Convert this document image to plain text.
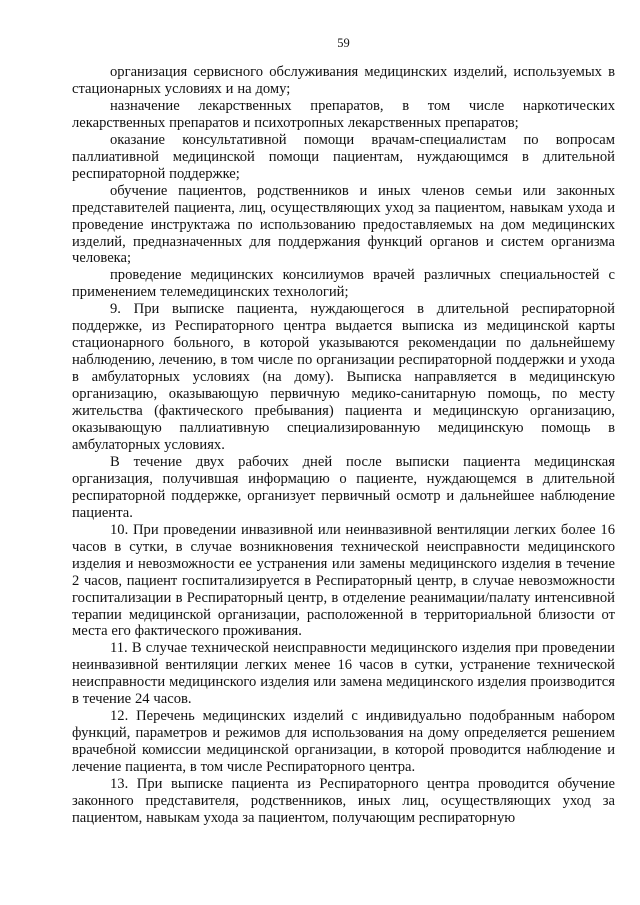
59

организация сервисного обслуживания медицинских изделий, используемых в стационарных условиях и на дому;

назначение лекарственных препаратов, в том числе наркотических лекарственных препаратов и психотропных лекарственных препаратов;

оказание консультативной помощи врачам-специалистам по вопросам паллиативной медицинской помощи пациентам, нуждающимся в длительной респираторной поддержке;

обучение пациентов, родственников и иных членов семьи или законных представителей пациента, лиц, осуществляющих уход за пациентом, навыкам ухода и проведение инструктажа по использованию предоставляемых на дом медицинских изделий, предназначенных для поддержания функций органов и систем организма человека;

проведение медицинских консилиумов врачей различных специальностей с применением телемедицинских технологий;

9. При выписке пациента, нуждающегося в длительной респираторной поддержке, из Респираторного центра выдается выписка из медицинской карты стационарного больного, в которой указываются рекомендации по дальнейшему наблюдению, лечению, в том числе по организации респираторной поддержки и ухода в амбулаторных условиях (на дому). Выписка направляется в медицинскую организацию, оказывающую первичную медико-санитарную помощь, по месту жительства (фактического пребывания) пациента и медицинскую организацию, оказывающую паллиативную специализированную медицинскую помощь в амбулаторных условиях.

В течение двух рабочих дней после выписки пациента медицинская организация, получившая информацию о пациенте, нуждающемся в длительной респираторной поддержке, организует первичный осмотр и дальнейшее наблюдение пациента.

10. При проведении инвазивной или неинвазивной вентиляции легких более 16 часов в сутки, в случае возникновения технической неисправности медицинского изделия и невозможности ее устранения или замены медицинского изделия в течение 2 часов, пациент госпитализируется в Респираторный центр, в случае невозможности госпитализации в Респираторный центр, в отделение реанимации/палату интенсивной терапии медицинской организации, расположенной в территориальной близости от места его фактического проживания.

11. В случае технической неисправности медицинского изделия при проведении неинвазивной вентиляции легких менее 16 часов в сутки, устранение технической неисправности медицинского изделия или замена медицинского изделия производится в течение 24 часов.

12. Перечень медицинских изделий с индивидуально подобранным набором функций, параметров и режимов для использования на дому определяется решением врачебной комиссии медицинской организации, в которой проводится наблюдение и лечение пациента, в том числе Респираторного центра.

13. При выписке пациента из Респираторного центра проводится обучение законного представителя, родственников, иных лиц, осуществляющих уход за пациентом, навыкам ухода за пациентом, получающим респираторную
